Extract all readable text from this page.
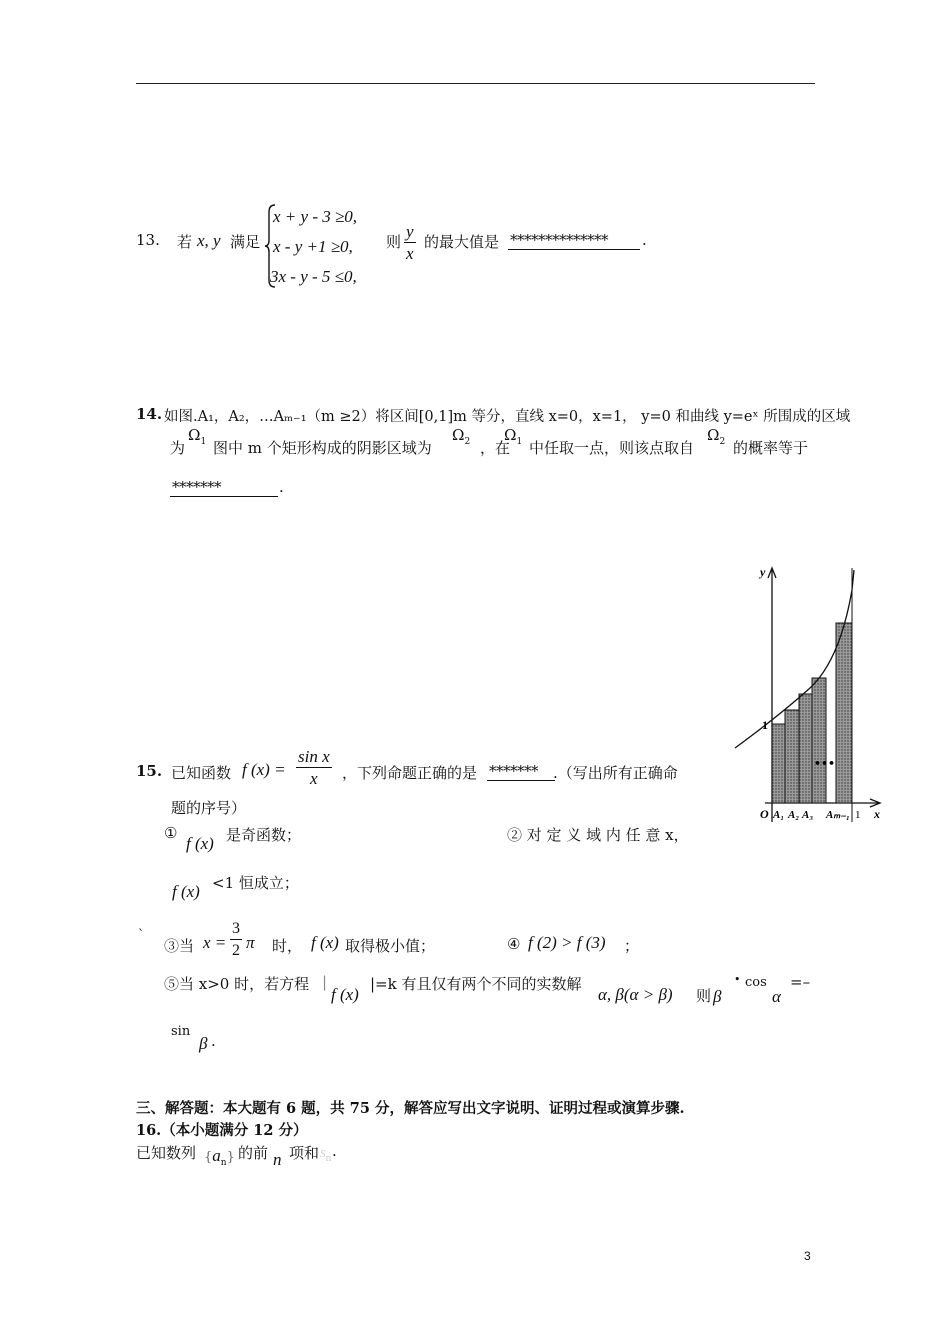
13. 若 x, y 满足
x + y - 3 ≥0,
x - y +1 ≥0,
3x - y - 5 ≤0,
则 $\frac{y}{x}$ 的最大值是 **************	.
14. 如图.A₁，A₂，…Aₘ₋₁（m ≥2）将区间[0,1]m 等分，直线 x=0，x=1， y=0 和曲线 y=eˣ 所围成的区域
为
$\Omega_1$ 图中 m 个矩形构成的阴影区域为
$\Omega_2$ ，在
$\Omega_1$ 中任取一点，则该点取自
$\Omega_2$ 的概率等于
*******	.
y
1
•••
O A₁ A₂ A₃ Aₘ₋₁ 1 x
15. 已知函数 f $(x) = \frac{\text{sin x}}{x}$ ，下列命题正确的是 *******	.（写出所有正确命
题的序号）
①
f (x) 是奇函数；	② 对 定 义 域 内 任 意 x，
f (x) <1 恒成立；
`
③当 $x = \frac{3}{2}$ π 时， f (x) 取得极小值；	④ f (2) > f (3) ；
⑤当 x>0 时，若方程 |
f (x)
|=k 有且仅有两个不同的实数解
α, β(α > β) 则 β
• cos
α
=–
sin
β .
三、解答题：本大题有 6 题，共 75 分，解答应写出文字说明、证明过程或演算步骤.
16.（本小题满分 12 分）
已知数列 $\{a_n\}$ 的前 n 项和 Sn .
3
